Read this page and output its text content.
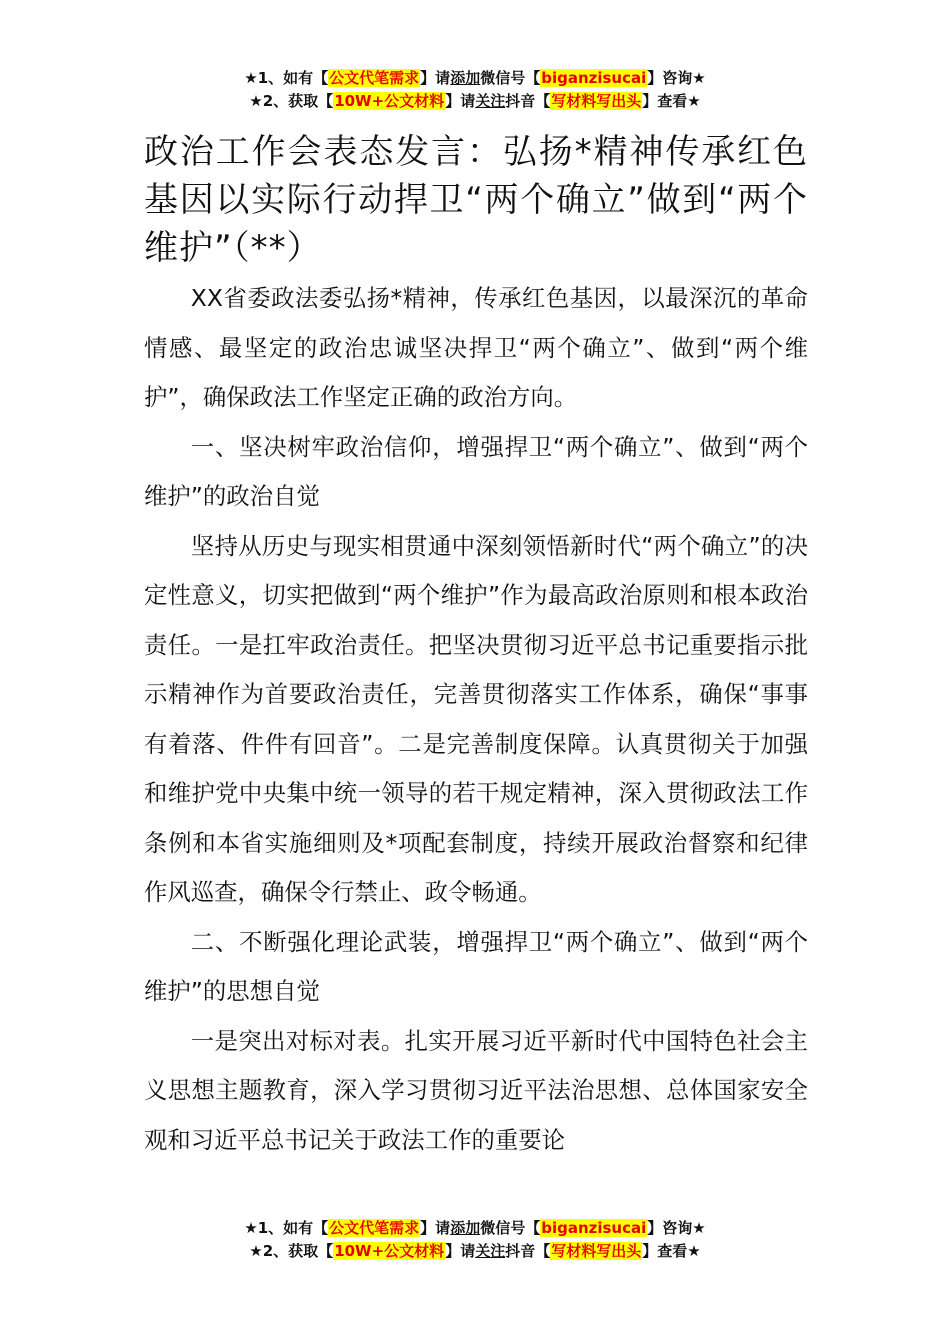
★1、如有【公文代笔需求】请添加微信号【biganzisucai】咨询★
★2、获取【10W+公文材料】请关注抖音【写材料写出头】查看★
政治工作会表态发言：弘扬*精神传承红色基因以实际行动捍卫“两个确立”做到“两个维护”（**）

XX省委政法委弘扬*精神，传承红色基因，以最深沉的革命情感、最坚定的政治忠诚坚决捍卫“两个确立”、做到“两个维护”，确保政法工作坚定正确的政治方向。

一、坚决树牢政治信仰，增强捍卫“两个确立”、做到“两个维护”的政治自觉

坚持从历史与现实相贯通中深刻领悟新时代“两个确立”的决定性意义，切实把做到“两个维护”作为最高政治原则和根本政治责任。一是扛牢政治责任。把坚决贯彻习近平总书记重要指示批示精神作为首要政治责任，完善贯彻落实工作体系，确保“事事有着落、件件有回音”。二是完善制度保障。认真贯彻关于加强和维护党中央集中统一领导的若干规定精神，深入贯彻政法工作条例和本省实施细则及*项配套制度，持续开展政治督察和纪律作风巡查，确保令行禁止、政令畅通。

二、不断强化理论武装，增强捍卫“两个确立”、做到“两个维护”的思想自觉

一是突出对标对表。扎实开展习近平新时代中国特色社会主义思想主题教育，深入学习贯彻习近平法治思想、总体国家安全观和习近平总书记关于政法工作的重要论

★1、如有【公文代笔需求】请添加微信号【biganzisucai】咨询★
★2、获取【10W+公文材料】请关注抖音【写材料写出头】查看★
